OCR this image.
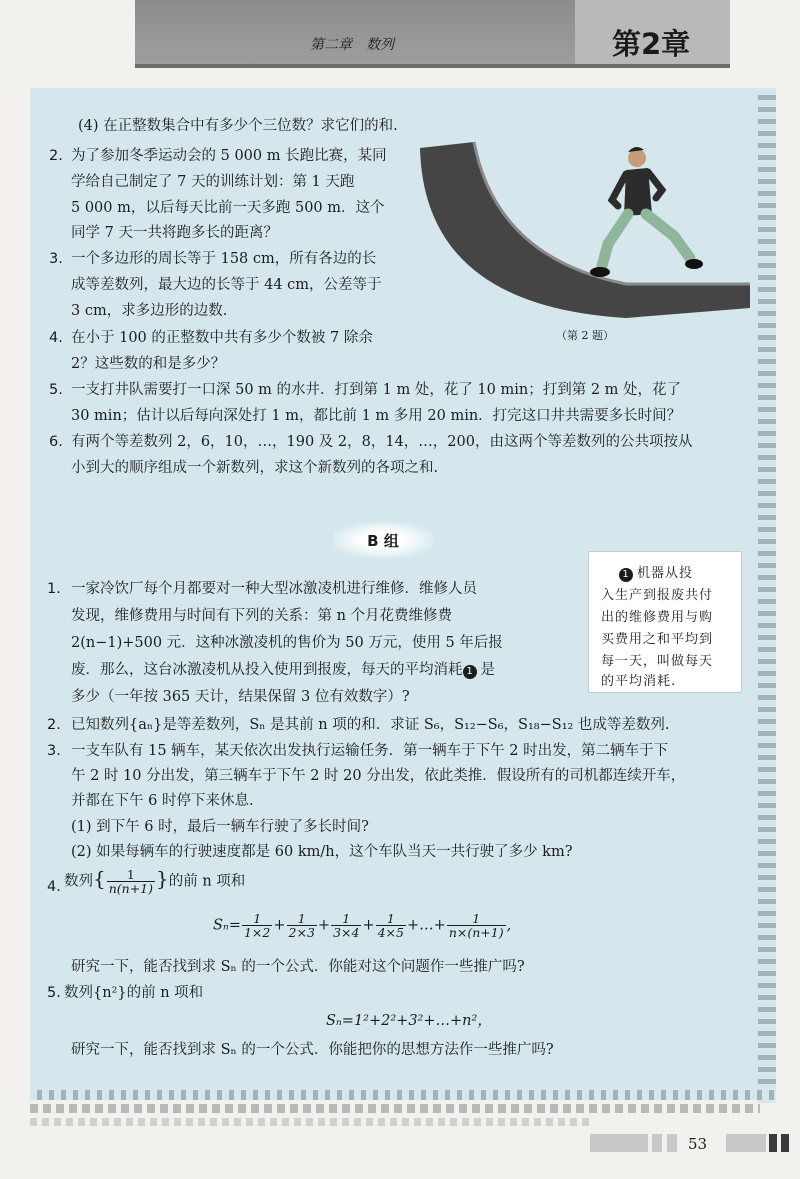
第二章　数列	第2章
（第 2 题）
(4) 在正整数集合中有多少个三位数？求它们的和.
2. 为了参加冬季运动会的 5 000 m 长跑比赛，某同
学给自己制定了 7 天的训练计划：第 1 天跑
5 000 m，以后每天比前一天多跑 500 m．这个
同学 7 天一共将跑多长的距离？
3. 一个多边形的周长等于 158 cm，所有各边的长
成等差数列，最大边的长等于 44 cm，公差等于
3 cm，求多边形的边数.
4. 在小于 100 的正整数中共有多少个数被 7 除余
2？这些数的和是多少？
5. 一支打井队需要打一口深 50 m 的水井．打到第 1 m 处，花了 10 min；打到第 2 m 处，花了
30 min；估计以后每向深处打 1 m，都比前 1 m 多用 20 min．打完这口井共需要多长时间？
6. 有两个等差数列 2，6，10，…，190 及 2，8，14，…，200，由这两个等差数列的公共项按从
小到大的顺序组成一个新数列，求这个新数列的各项之和.
B 组
1 机器从投
入生产到报废共付
出的维修费用与购
买费用之和平均到
每一天，叫做每天
的平均消耗.
1. 一家冷饮厂每个月都要对一种大型冰激凌机进行维修．维修人员
发现，维修费用与时间有下列的关系：第 n 个月花费维修费
2(n−1)+500 元．这种冰激凌机的售价为 50 万元，使用 5 年后报
废．那么，这台冰激凌机从投入使用到报废，每天的平均消耗 1 是
多少（一年按 365 天计，结果保留 3 位有效数字）?
2. 已知数列{aₙ}是等差数列，Sₙ 是其前 n 项的和．求证 S₆，S₁₂−S₆，S₁₈−S₁₂ 也成等差数列.
3. 一支车队有 15 辆车，某天依次出发执行运输任务．第一辆车于下午 2 时出发，第二辆车于下
午 2 时 10 分出发，第三辆车于下午 2 时 20 分出发，依此类推．假设所有的司机都连续开车，
并都在下午 6 时停下来休息.
(1) 到下午 6 时，最后一辆车行驶了多长时间?
(2) 如果每辆车的行驶速度都是 60 km/h，这个车队当天一共行驶了多少 km?
4. 数列{ $\frac{1}{n(n+1)}$ }的前 n 项和
$S_n= \frac{1}{1\times 2} + \frac{1}{2\times 3} + \frac{1}{3\times 4} + \frac{1}{4\times 5}$ +…+ $\frac{1}{n\times(n+1)}$ ,
研究一下，能否找到求 Sₙ 的一个公式．你能对这个问题作一些推广吗?
5. 数列{n²}的前 n 项和
Sₙ=1²+2²+3²+…+n²，
研究一下，能否找到求 Sₙ 的一个公式．你能把你的思想方法作一些推广吗?
53
